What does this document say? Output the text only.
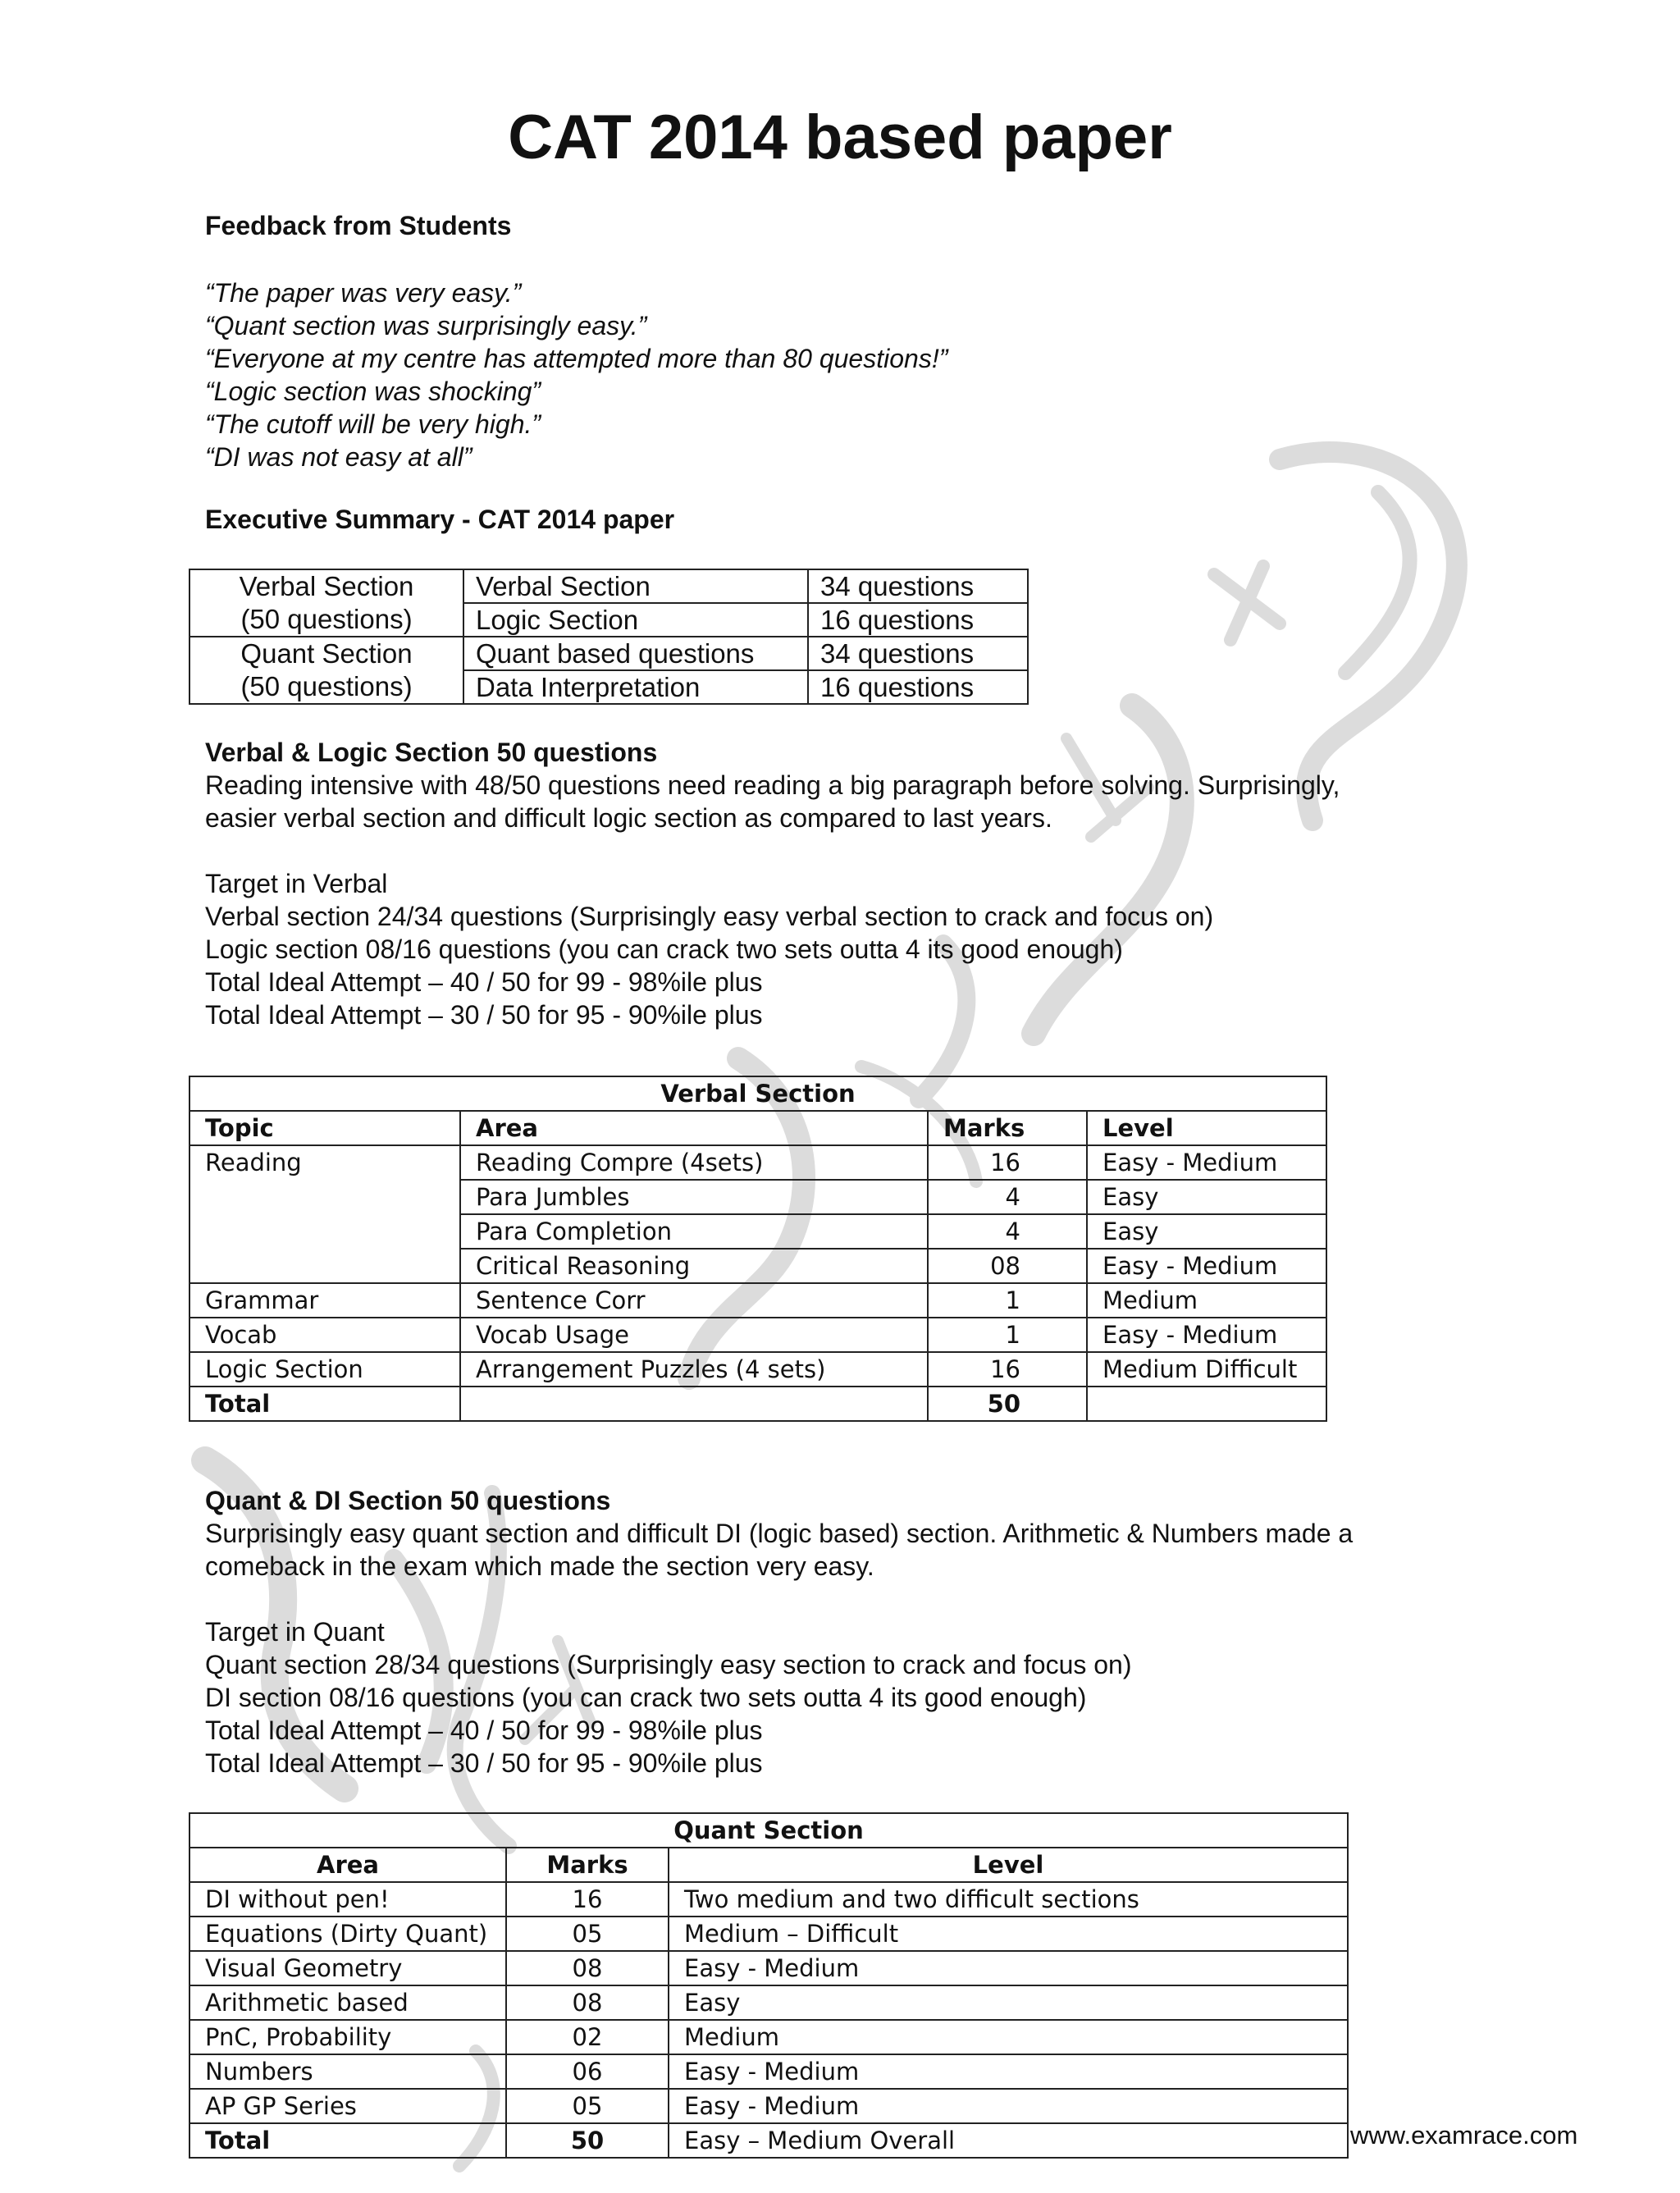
CAT 2014 based paper
Feedback from Students
“The paper was very easy.”
“Quant section was surprisingly easy.”
“Everyone at my centre has attempted more than 80 questions!”
“Logic section was shocking”
“The cutoff will be very high.”
“DI was not easy at all”
Executive Summary - CAT 2014 paper
Verbal Section
(50 questions)	Verbal Section	34 questions
	Logic Section	16 questions

Quant Section
(50 questions)	Quant based questions	34 questions
	Data Interpretation	16 questions
Verbal & Logic Section 50 questions
Reading intensive with 48/50 questions need reading a big paragraph before solving. Surprisingly,
easier verbal section and difficult logic section as compared to last years.
Target in Verbal
Verbal section 24/34 questions (Surprisingly easy verbal section to crack and focus on)
Logic section 08/16 questions (you can crack two sets outta 4 its good enough)
Total Ideal Attempt – 40 / 50 for 99 - 98%ile plus
Total Ideal Attempt – 30 / 50 for 95 - 90%ile plus
Verbal Section			
Topic	Area	Marks	Level
Reading	Reading Compre (4sets)	16	Easy - Medium
	Para Jumbles	4	Easy
	Para Completion	4	Easy
	Critical Reasoning	08	Easy - Medium
Grammar	Sentence Corr	1	Medium
Vocab	Vocab Usage	1	Easy - Medium
Logic Section	Arrangement Puzzles (4 sets)	16	Medium Difficult
Total		50	
Quant & DI Section 50 questions
Surprisingly easy quant section and difficult DI (logic based) section. Arithmetic & Numbers made a
comeback in the exam which made the section very easy.
Target in Quant
Quant section 28/34 questions (Surprisingly easy section to crack and focus on)
DI section 08/16 questions (you can crack two sets outta 4 its good enough)
Total Ideal Attempt – 40 / 50 for 99 - 98%ile plus
Total Ideal Attempt – 30 / 50 for 95 - 90%ile plus
Quant Section		
Area	Marks	Level
DI without pen!	16	Two medium and two difficult sections
Equations (Dirty Quant)	05	Medium – Difficult
Visual Geometry	08	Easy - Medium
Arithmetic based	08	Easy
PnC, Probability	02	Medium
Numbers	06	Easy - Medium
AP GP Series	05	Easy - Medium
Total	50	Easy – Medium Overall	www.examrace.com
